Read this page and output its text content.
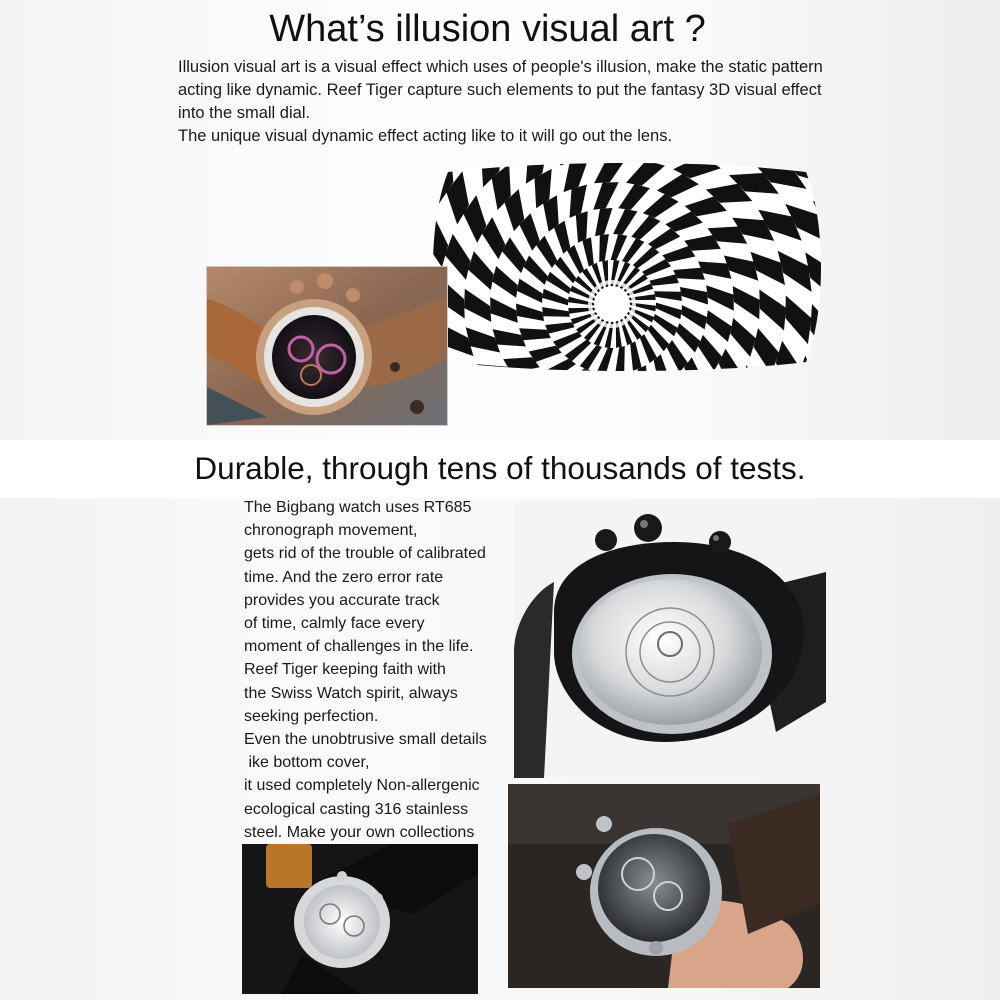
What’s illusion visual art ?

Illusion visual art is a visual effect which uses of people's illusion, make the static pattern acting like dynamic. Reef Tiger capture such elements to put the fantasy 3D visual effect into the small dial.

The unique visual dynamic effect acting like to it will go out the lens.

Durable, through tens of thousands of tests.
The Bigbang watch uses RT685
chronograph movement,
gets rid of the trouble of calibrated
time. And the zero error rate
provides you accurate track
of time, calmly face every
moment of challenges in the life.
Reef Tiger keeping faith with
the Swiss Watch spirit, always
seeking perfection.
Even the unobtrusive small details
ike bottom cover,
it used completely Non-allergenic
ecological casting 316 stainless
steel. Make your own collections
